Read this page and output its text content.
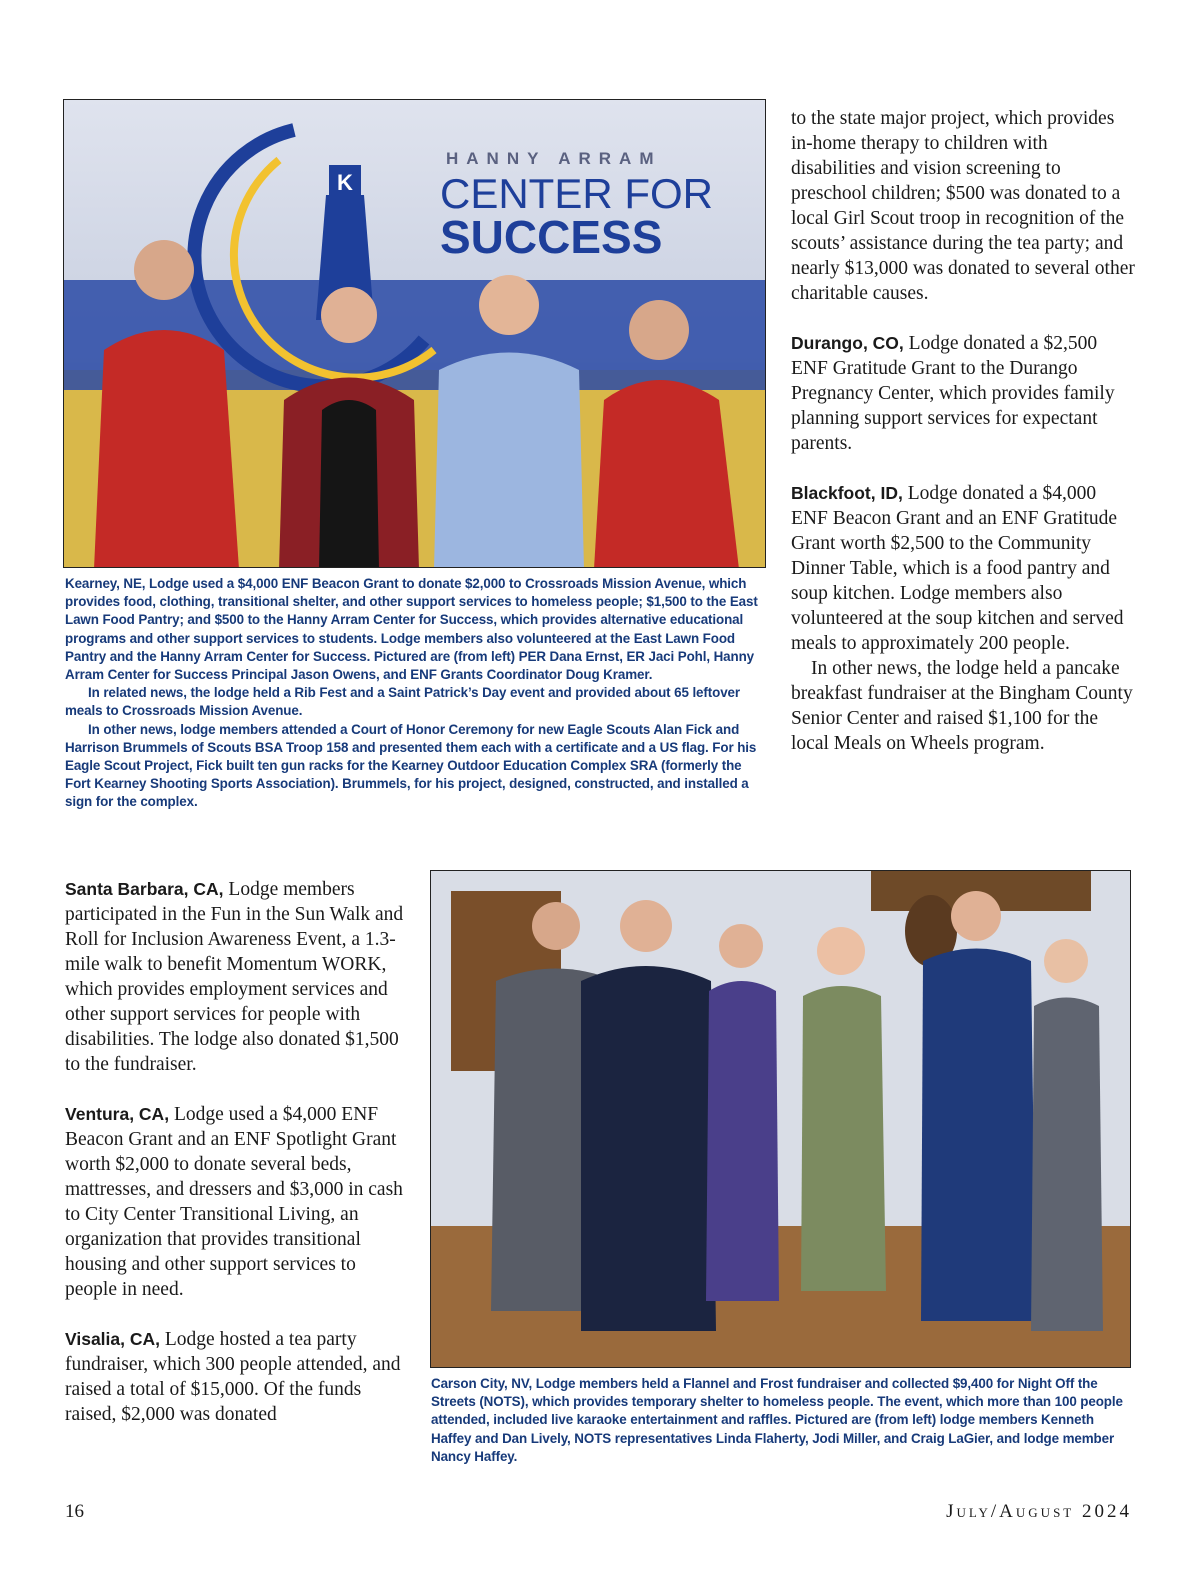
K
HANNY ARRAM
CENTER FOR
SUCCESS

Kearney, NE, Lodge used a $4,000 ENF Beacon Grant to donate $2,000 to Crossroads Mission Avenue, which provides food, clothing, transitional shelter, and other support services to homeless people; $1,500 to the East Lawn Food Pantry; and $500 to the Hanny Arram Center for Success, which provides alternative educational programs and other support services to students. Lodge members also volunteered at the East Lawn Food Pantry and the Hanny Arram Center for Success. Pictured are (from left) PER Dana Ernst, ER Jaci Pohl, Hanny Arram Center for Success Principal Jason Owens, and ENF Grants Coordinator Doug Kramer.

In related news, the lodge held a Rib Fest and a Saint Patrick’s Day event and provided about 65 leftover meals to Crossroads Mission Avenue.

In other news, lodge members attended a Court of Honor Ceremony for new Eagle Scouts Alan Fick and Harrison Brummels of Scouts BSA Troop 158 and presented them each with a certificate and a US flag. For his Eagle Scout Project, Fick built ten gun racks for the Kearney Outdoor Education Complex SRA (formerly the Fort Kearney Shooting Sports Association). Brummels, for his project, designed, constructed, and installed a sign for the complex.

to the state major project, which provides in-home therapy to children with disabilities and vision screening to preschool children; $500 was donated to a local Girl Scout troop in recognition of the scouts’ assistance during the tea party; and nearly $13,000 was donated to several other charitable causes.

Durango, CO, Lodge donated a $2,500 ENF Gratitude Grant to the Durango Pregnancy Center, which provides family planning support services for expectant parents.

Blackfoot, ID, Lodge donated a $4,000 ENF Beacon Grant and an ENF Gratitude Grant worth $2,500 to the Community Dinner Table, which is a food pantry and soup kitchen. Lodge members also volunteered at the soup kitchen and served meals to approximately 200 people.

In other news, the lodge held a pancake breakfast fundraiser at the Bingham County Senior Center and raised $1,100 for the local Meals on Wheels program.

Santa Barbara, CA, Lodge members participated in the Fun in the Sun Walk and Roll for Inclusion Awareness Event, a 1.3-mile walk to benefit Momentum WORK, which provides employment services and other support services for people with disabilities. The lodge also donated $1,500 to the fundraiser.

Ventura, CA, Lodge used a $4,000 ENF Beacon Grant and an ENF Spotlight Grant worth $2,000 to donate several beds, mattresses, and dressers and $3,000 in cash to City Center Transitional Living, an organization that provides transitional housing and other support services to people in need.

Visalia, CA, Lodge hosted a tea party fundraiser, which 300 people attended, and raised a total of $15,000. Of the funds raised, $2,000 was donated

Carson City, NV, Lodge members held a Flannel and Frost fundraiser and collected $9,400 for Night Off the Streets (NOTS), which provides temporary shelter to homeless people. The event, which more than 100 people attended, included live karaoke entertainment and raffles. Pictured are (from left) lodge members Kenneth Haffey and Dan Lively, NOTS representatives Linda Flaherty, Jodi Miller, and Craig LaGier, and lodge member Nancy Haffey.

16	July/August 2024
